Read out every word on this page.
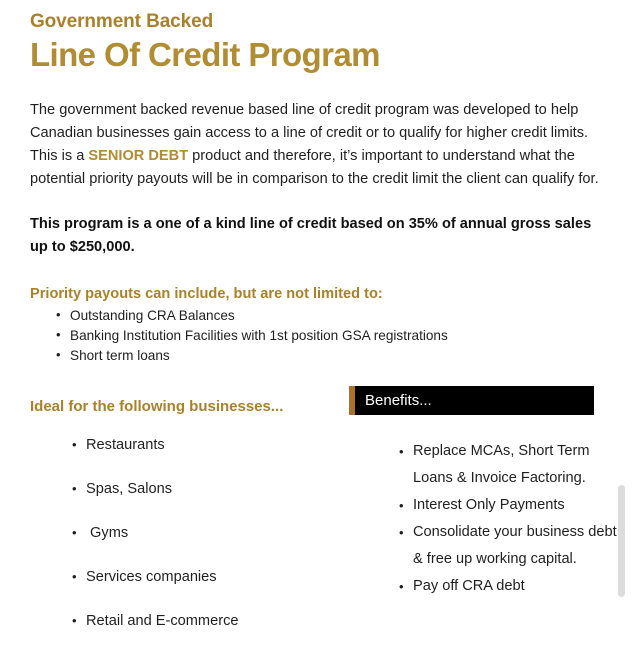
Government Backed
Line Of Credit Program

The government backed revenue based line of credit program was developed to help Canadian businesses gain access to a line of credit or to qualify for higher credit limits. This is a SENIOR DEBT product and therefore, it’s important to understand what the potential priority payouts will be in comparison to the credit limit the client can qualify for.

This program is a one of a kind line of credit based on 35% of annual gross sales up to $250,000.

Priority payouts can include, but are not limited to:
• Outstanding CRA Balances
• Banking Institution Facilities with 1st position GSA registrations
• Short term loans
Ideal for the following businesses...	Benefits...
• Restaurants
• Spas, Salons
•  Gyms
• Services companies
• Retail and E-commerce
• Replace MCAs, Short Term Loans & Invoice Factoring.
• Interest Only Payments
• Consolidate your business debt & free up working capital.
• Pay off CRA debt
